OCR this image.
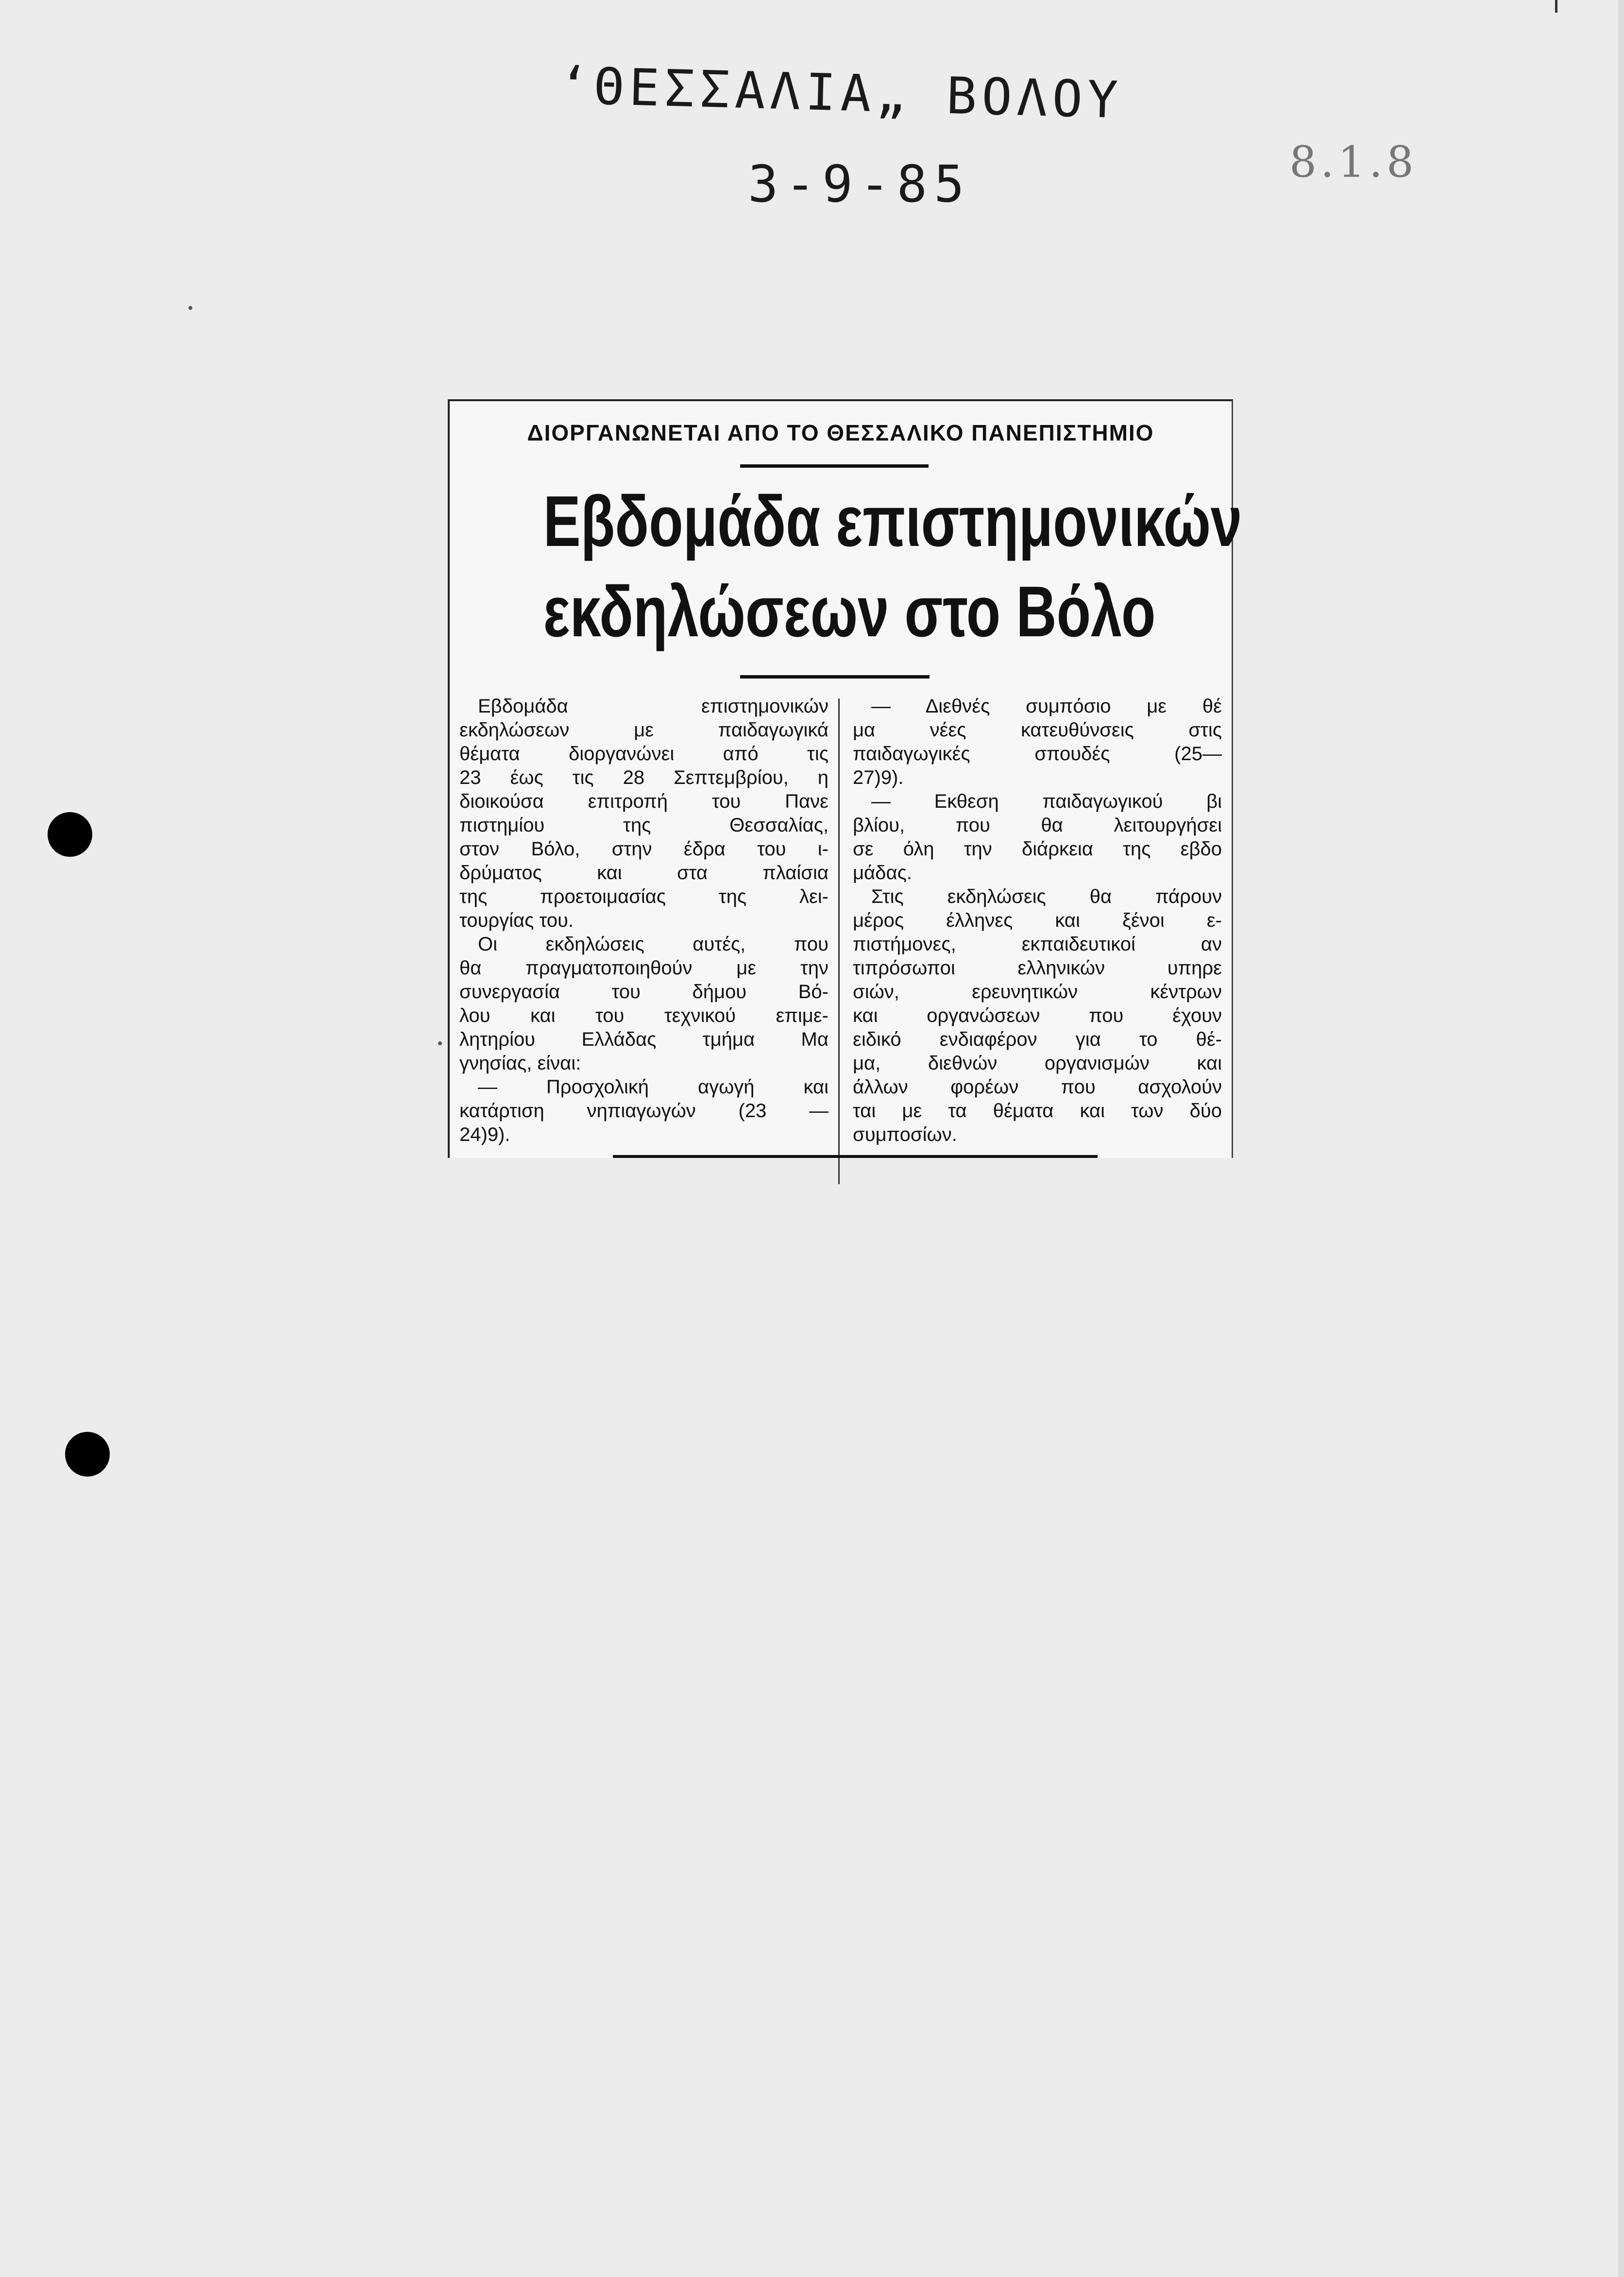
‘ΘΕΣΣΑΛΙΑ„ ΒΟΛΟΥ
3-9-85	8.1.8
ΔΙΟΡΓΑΝΩΝΕΤΑΙ ΑΠΟ ΤΟ ΘΕΣΣΑΛΙΚΟ ΠΑΝΕΠΙΣΤΗΜΙΟ
Εβδομάδα επιστημονικών
εκδηλώσεων στο Βόλο
Εβδομάδα επιστημονικών
εκδηλώσεων με παιδαγωγικά
θέματα διοργανώνει από τις
23 έως τις 28 Σεπτεμβρίου, η
διοικούσα επιτροπή του Πανε
πιστημίου της Θεσσαλίας,
στον Βόλο, στην έδρα του ι-
δρύματος και στα πλαίσια
της προετοιμασίας της λει-
τουργίας του.
Οι εκδηλώσεις αυτές, που
θα πραγματοποιηθούν με την
συνεργασία του δήμου Βό-
λου και του τεχνικού επιμε-
λητηρίου Ελλάδας τμήμα Μα
γνησίας, είναι:
— Προσχολική αγωγή και
κατάρτιση νηπιαγωγών (23 —
24)9).
— Διεθνές συμπόσιο με θέ
μα νέες κατευθύνσεις στις
παιδαγωγικές σπουδές (25—
27)9).
— Εκθεση παιδαγωγικού βι
βλίου, που θα λειτουργήσει
σε όλη την διάρκεια της εβδο
μάδας.
Στις εκδηλώσεις θα πάρουν
μέρος έλληνες και ξένοι ε-
πιστήμονες, εκπαιδευτικοί αν
τιπρόσωποι ελληνικών υπηρε
σιών, ερευνητικών κέντρων
και οργανώσεων που έχουν
ειδικό ενδιαφέρον για το θέ-
μα, διεθνών οργανισμών και
άλλων φορέων που ασχολούν
ται με τα θέματα και των δύο
συμποσίων.
